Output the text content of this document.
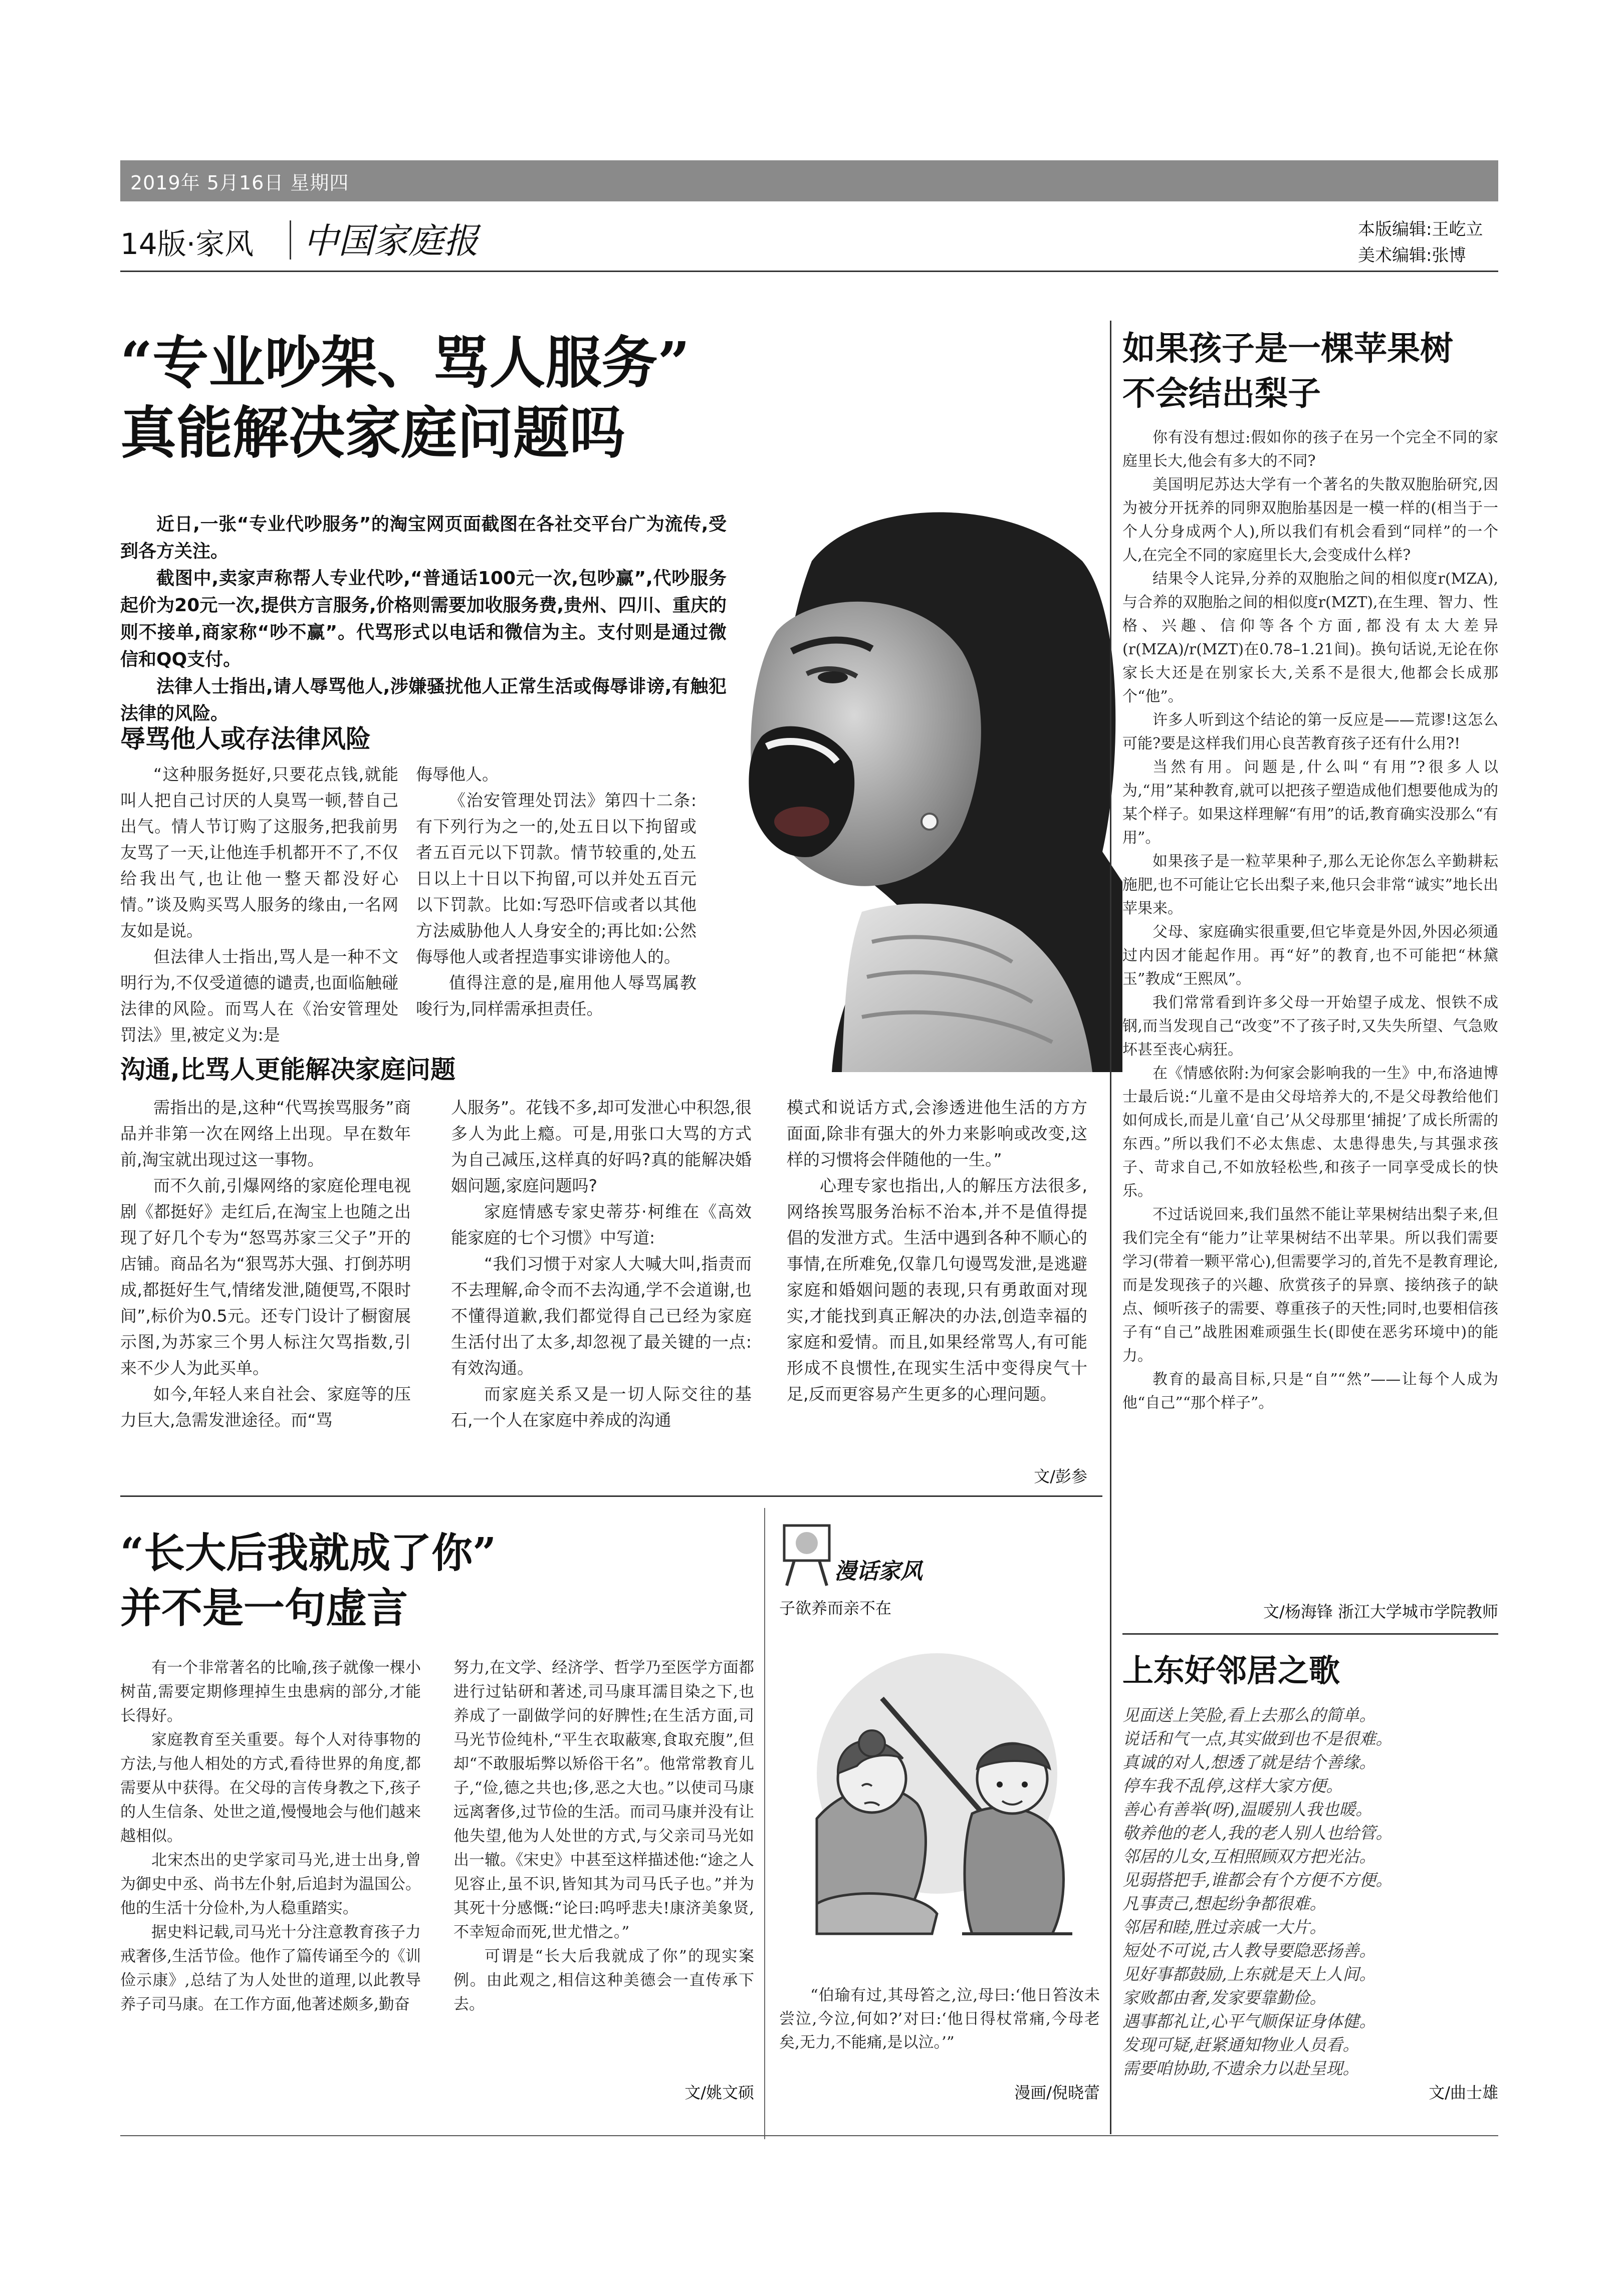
2019年 5月16日 星期四
14版·家风 中国家庭报	本版编辑:王屹立
美术编辑:张博
“专业吵架、骂人服务”
真能解决家庭问题吗

近日,一张“专业代吵服务”的淘宝网页面截图在各社交平台广为流传,受到各方关注。

截图中,卖家声称帮人专业代吵,“普通话100元一次,包吵赢”,代吵服务起价为20元一次,提供方言服务,价格则需要加收服务费,贵州、四川、重庆的则不接单,商家称“吵不赢”。代骂形式以电话和微信为主。支付则是通过微信和QQ支付。

法律人士指出,请人辱骂他人,涉嫌骚扰他人正常生活或侮辱诽谤,有触犯法律的风险。

辱骂他人或存法律风险

“这种服务挺好,只要花点钱,就能叫人把自己讨厌的人臭骂一顿,替自己出气。情人节订购了这服务,把我前男友骂了一天,让他连手机都开不了,不仅给我出气,也让他一整天都没好心情。”谈及购买骂人服务的缘由,一名网友如是说。

但法律人士指出,骂人是一种不文明行为,不仅受道德的谴责,也面临触碰法律的风险。而骂人在《治安管理处罚法》里,被定义为:是

侮辱他人。

《治安管理处罚法》第四十二条:有下列行为之一的,处五日以下拘留或者五百元以下罚款。情节较重的,处五日以上十日以下拘留,可以并处五百元以下罚款。比如:写恐吓信或者以其他方法威胁他人人身安全的;再比如:公然侮辱他人或者捏造事实诽谤他人的。

值得注意的是,雇用他人辱骂属教唆行为,同样需承担责任。

沟通,比骂人更能解决家庭问题

需指出的是,这种“代骂挨骂服务”商品并非第一次在网络上出现。早在数年前,淘宝就出现过这一事物。

而不久前,引爆网络的家庭伦理电视剧《都挺好》走红后,在淘宝上也随之出现了好几个专为“怒骂苏家三父子”开的店铺。商品名为“狠骂苏大强、打倒苏明成,都挺好生气,情绪发泄,随便骂,不限时间”,标价为0.5元。还专门设计了橱窗展示图,为苏家三个男人标注欠骂指数,引来不少人为此买单。

如今,年轻人来自社会、家庭等的压力巨大,急需发泄途径。而“骂

人服务”。花钱不多,却可发泄心中积怨,很多人为此上瘾。可是,用张口大骂的方式为自己减压,这样真的好吗?真的能解决婚姻问题,家庭问题吗?

家庭情感专家史蒂芬·柯维在《高效能家庭的七个习惯》中写道:

“我们习惯于对家人大喊大叫,指责而不去理解,命令而不去沟通,学不会道谢,也不懂得道歉,我们都觉得自己已经为家庭生活付出了太多,却忽视了最关键的一点:有效沟通。

而家庭关系又是一切人际交往的基石,一个人在家庭中养成的沟通

模式和说话方式,会渗透进他生活的方方面面,除非有强大的外力来影响或改变,这样的习惯将会伴随他的一生。”

心理专家也指出,人的解压方法很多,网络挨骂服务治标不治本,并不是值得提倡的发泄方式。生活中遇到各种不顺心的事情,在所难免,仅靠几句谩骂发泄,是逃避家庭和婚姻问题的表现,只有勇敢面对现实,才能找到真正解决的办法,创造幸福的家庭和爱情。而且,如果经常骂人,有可能形成不良惯性,在现实生活中变得戾气十足,反而更容易产生更多的心理问题。

文/彭参
如果孩子是一棵苹果树
不会结出梨子

你有没有想过:假如你的孩子在另一个完全不同的家庭里长大,他会有多大的不同?

美国明尼苏达大学有一个著名的失散双胞胎研究,因为被分开抚养的同卵双胞胎基因是一模一样的(相当于一个人分身成两个人),所以我们有机会看到“同样”的一个人,在完全不同的家庭里长大,会变成什么样?

结果令人诧异,分养的双胞胎之间的相似度r(MZA),与合养的双胞胎之间的相似度r(MZT),在生理、智力、性格、兴趣、信仰等各个方面,都没有太大差异(r(MZA)/r(MZT)在0.78–1.21间)。换句话说,无论在你家长大还是在别家长大,关系不是很大,他都会长成那个“他”。

许多人听到这个结论的第一反应是——荒谬!这怎么可能?要是这样我们用心良苦教育孩子还有什么用?!

当然有用。问题是,什么叫“有用”?很多人以为,“用”某种教育,就可以把孩子塑造成他们想要他成为的某个样子。如果这样理解“有用”的话,教育确实没那么“有用”。

如果孩子是一粒苹果种子,那么无论你怎么辛勤耕耘施肥,也不可能让它长出梨子来,他只会非常“诚实”地长出苹果来。

父母、家庭确实很重要,但它毕竟是外因,外因必须通过内因才能起作用。再“好”的教育,也不可能把“林黛玉”教成“王熙凤”。

我们常常看到许多父母一开始望子成龙、恨铁不成钢,而当发现自己“改变”不了孩子时,又失失所望、气急败坏甚至丧心病狂。

在《情感依附:为何家会影响我的一生》中,布洛迪博士最后说:“儿童不是由父母培养大的,不是父母教给他们如何成长,而是儿童‘自己’从父母那里‘捕捉’了成长所需的东西。”所以我们不必太焦虑、太患得患失,与其强求孩子、苛求自己,不如放轻松些,和孩子一同享受成长的快乐。

不过话说回来,我们虽然不能让苹果树结出梨子来,但我们完全有“能力”让苹果树结不出苹果。所以我们需要学习(带着一颗平常心),但需要学习的,首先不是教育理论,而是发现孩子的兴趣、欣赏孩子的异禀、接纳孩子的缺点、倾听孩子的需要、尊重孩子的天性;同时,也要相信孩子有“自己”战胜困难顽强生长(即使在恶劣环境中)的能力。

教育的最高目标,只是“自”“然”——让每个人成为他“自己”“那个样子”。

文/杨海锋 浙江大学城市学院教师
上东好邻居之歌
见面送上笑脸,看上去那么的简单。
说话和气一点,其实做到也不是很难。
真诚的对人,想透了就是结个善缘。
停车我不乱停,这样大家方便。
善心有善举(呀),温暖别人我也暖。
敬养他的老人,我的老人别人也给管。
邻居的儿女,互相照顾双方把光沾。
见弱搭把手,谁都会有个方便不方便。
凡事责己,想起纷争都很难。
邻居和睦,胜过亲戚一大片。
短处不可说,古人教导要隐恶扬善。
见好事都鼓励,上东就是天上人间。
家败都由奢,发家要靠勤俭。
遇事都礼让,心平气顺保证身体健。
发现可疑,赶紧通知物业人员看。
需要咱协助,不遗余力以赴呈现。
文/曲士雄
“长大后我就成了你”
并不是一句虚言

有一个非常著名的比喻,孩子就像一棵小树苗,需要定期修理掉生虫患病的部分,才能长得好。

家庭教育至关重要。每个人对待事物的方法,与他人相处的方式,看待世界的角度,都需要从中获得。在父母的言传身教之下,孩子的人生信条、处世之道,慢慢地会与他们越来越相似。

北宋杰出的史学家司马光,进士出身,曾为御史中丞、尚书左仆射,后追封为温国公。他的生活十分俭朴,为人稳重踏实。

据史料记载,司马光十分注意教育孩子力戒奢侈,生活节俭。他作了篇传诵至今的《训俭示康》,总结了为人处世的道理,以此教导养子司马康。在工作方面,他著述颇多,勤奋

努力,在文学、经济学、哲学乃至医学方面都进行过钻研和著述,司马康耳濡目染之下,也养成了一副做学问的好脾性;在生活方面,司马光节俭纯朴,“平生衣取蔽寒,食取充腹”,但却“不敢服垢弊以矫俗干名”。他常常教育儿子,“俭,德之共也;侈,恶之大也。”以使司马康远离奢侈,过节俭的生活。而司马康并没有让他失望,他为人处世的方式,与父亲司马光如出一辙。《宋史》中甚至这样描述他:“途之人见容止,虽不识,皆知其为司马氏子也。”并为其死十分感慨:“论曰:呜呼悲夫!康济美象贤,不幸短命而死,世尤惜之。”

可谓是“长大后我就成了你”的现实案例。由此观之,相信这种美德会一直传承下去。

文/姚文硕
漫话家风
子欲养而亲不在

“伯瑜有过,其母笞之,泣,母曰:‘他日笞汝未尝泣,今泣,何如?’对曰:‘他日得杖常痛,今母老矣,无力,不能痛,是以泣。’”

漫画/倪晓蕾
